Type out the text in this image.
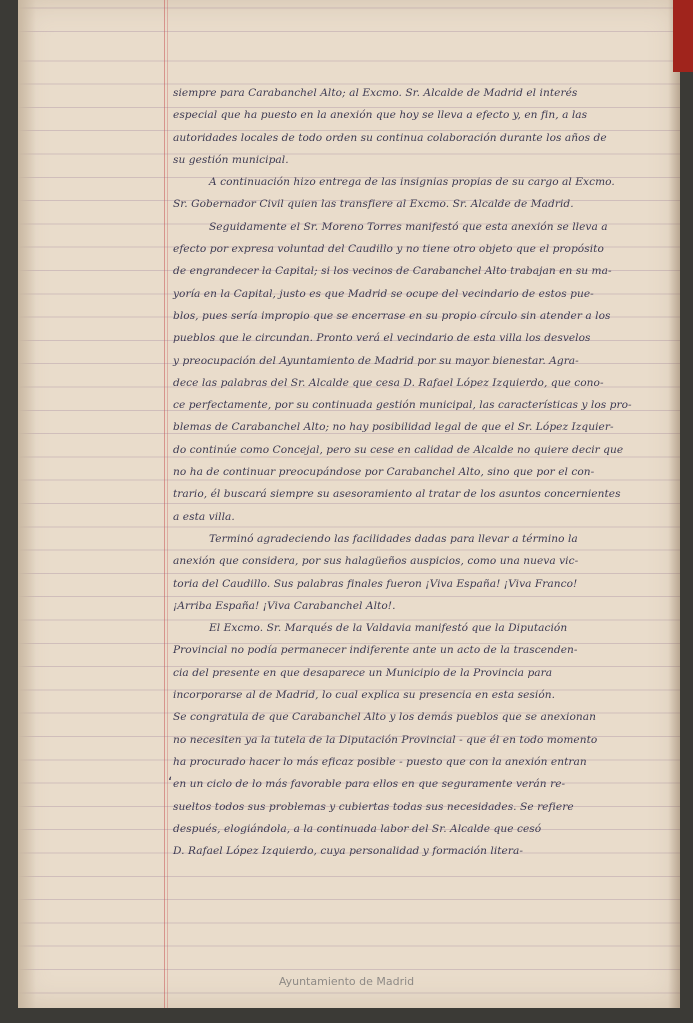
siempre para Carabanchel Alto; al Excmo. Sr. Alcalde de Madrid el interés
especial que ha puesto en la anexión que hoy se lleva a efecto y, en fin, a las
autoridades locales de todo orden su continua colaboración durante los años de
su gestión municipal.
A continuación hizo entrega de las insignias propias de su cargo al Excmo.
Sr. Gobernador Civil quien las transfiere al Excmo. Sr. Alcalde de Madrid.
Seguidamente el Sr. Moreno Torres manifestó que esta anexión se lleva a
efecto por expresa voluntad del Caudillo y no tiene otro objeto que el propósito
de engrandecer la Capital; si los vecinos de Carabanchel Alto trabajan en su ma-
yoría en la Capital, justo es que Madrid se ocupe del vecindario de estos pue-
blos, pues sería impropio que se encerrase en su propio círculo sin atender a los
pueblos que le circundan. Pronto verá el vecindario de esta villa los desvelos
y preocupación del Ayuntamiento de Madrid por su mayor bienestar. Agra-
dece las palabras del Sr. Alcalde que cesa D. Rafael López Izquierdo, que cono-
ce perfectamente, por su continuada gestión municipal, las características y los pro-
blemas de Carabanchel Alto; no hay posibilidad legal de que el Sr. López Izquier-
do continúe como Concejal, pero su cese en calidad de Alcalde no quiere decir que
no ha de continuar preocupándose por Carabanchel Alto, sino que por el con-
trario, él buscará siempre su asesoramiento al tratar de los asuntos concernientes
a esta villa.
Terminó agradeciendo las facilidades dadas para llevar a término la
anexión que considera, por sus halagüeños auspicios, como una nueva vic-
toria del Caudillo. Sus palabras finales fueron ¡Viva España! ¡Viva Franco!
¡Arriba España! ¡Viva Carabanchel Alto!.
El Excmo. Sr. Marqués de la Valdavia manifestó que la Diputación
Provincial no podía permanecer indiferente ante un acto de la trascenden-
cia del presente en que desaparece un Municipio de la Provincia para
incorporarse al de Madrid, lo cual explica su presencia en esta sesión.
Se congratula de que Carabanchel Alto y los demás pueblos que se anexionan
no necesiten ya la tutela de la Diputación Provincial - que él en todo momento
ha procurado hacer lo más eficaz posible - puesto que con la anexión entran
en un ciclo de lo más favorable para ellos en que seguramente verán re-
sueltos todos sus problemas y cubiertas todas sus necesidades. Se refiere
después, elogiándola, a la continuada labor del Sr. Alcalde que cesó
D. Rafael López Izquierdo, cuya personalidad y formación litera-
ʻ
Ayuntamiento de Madrid
